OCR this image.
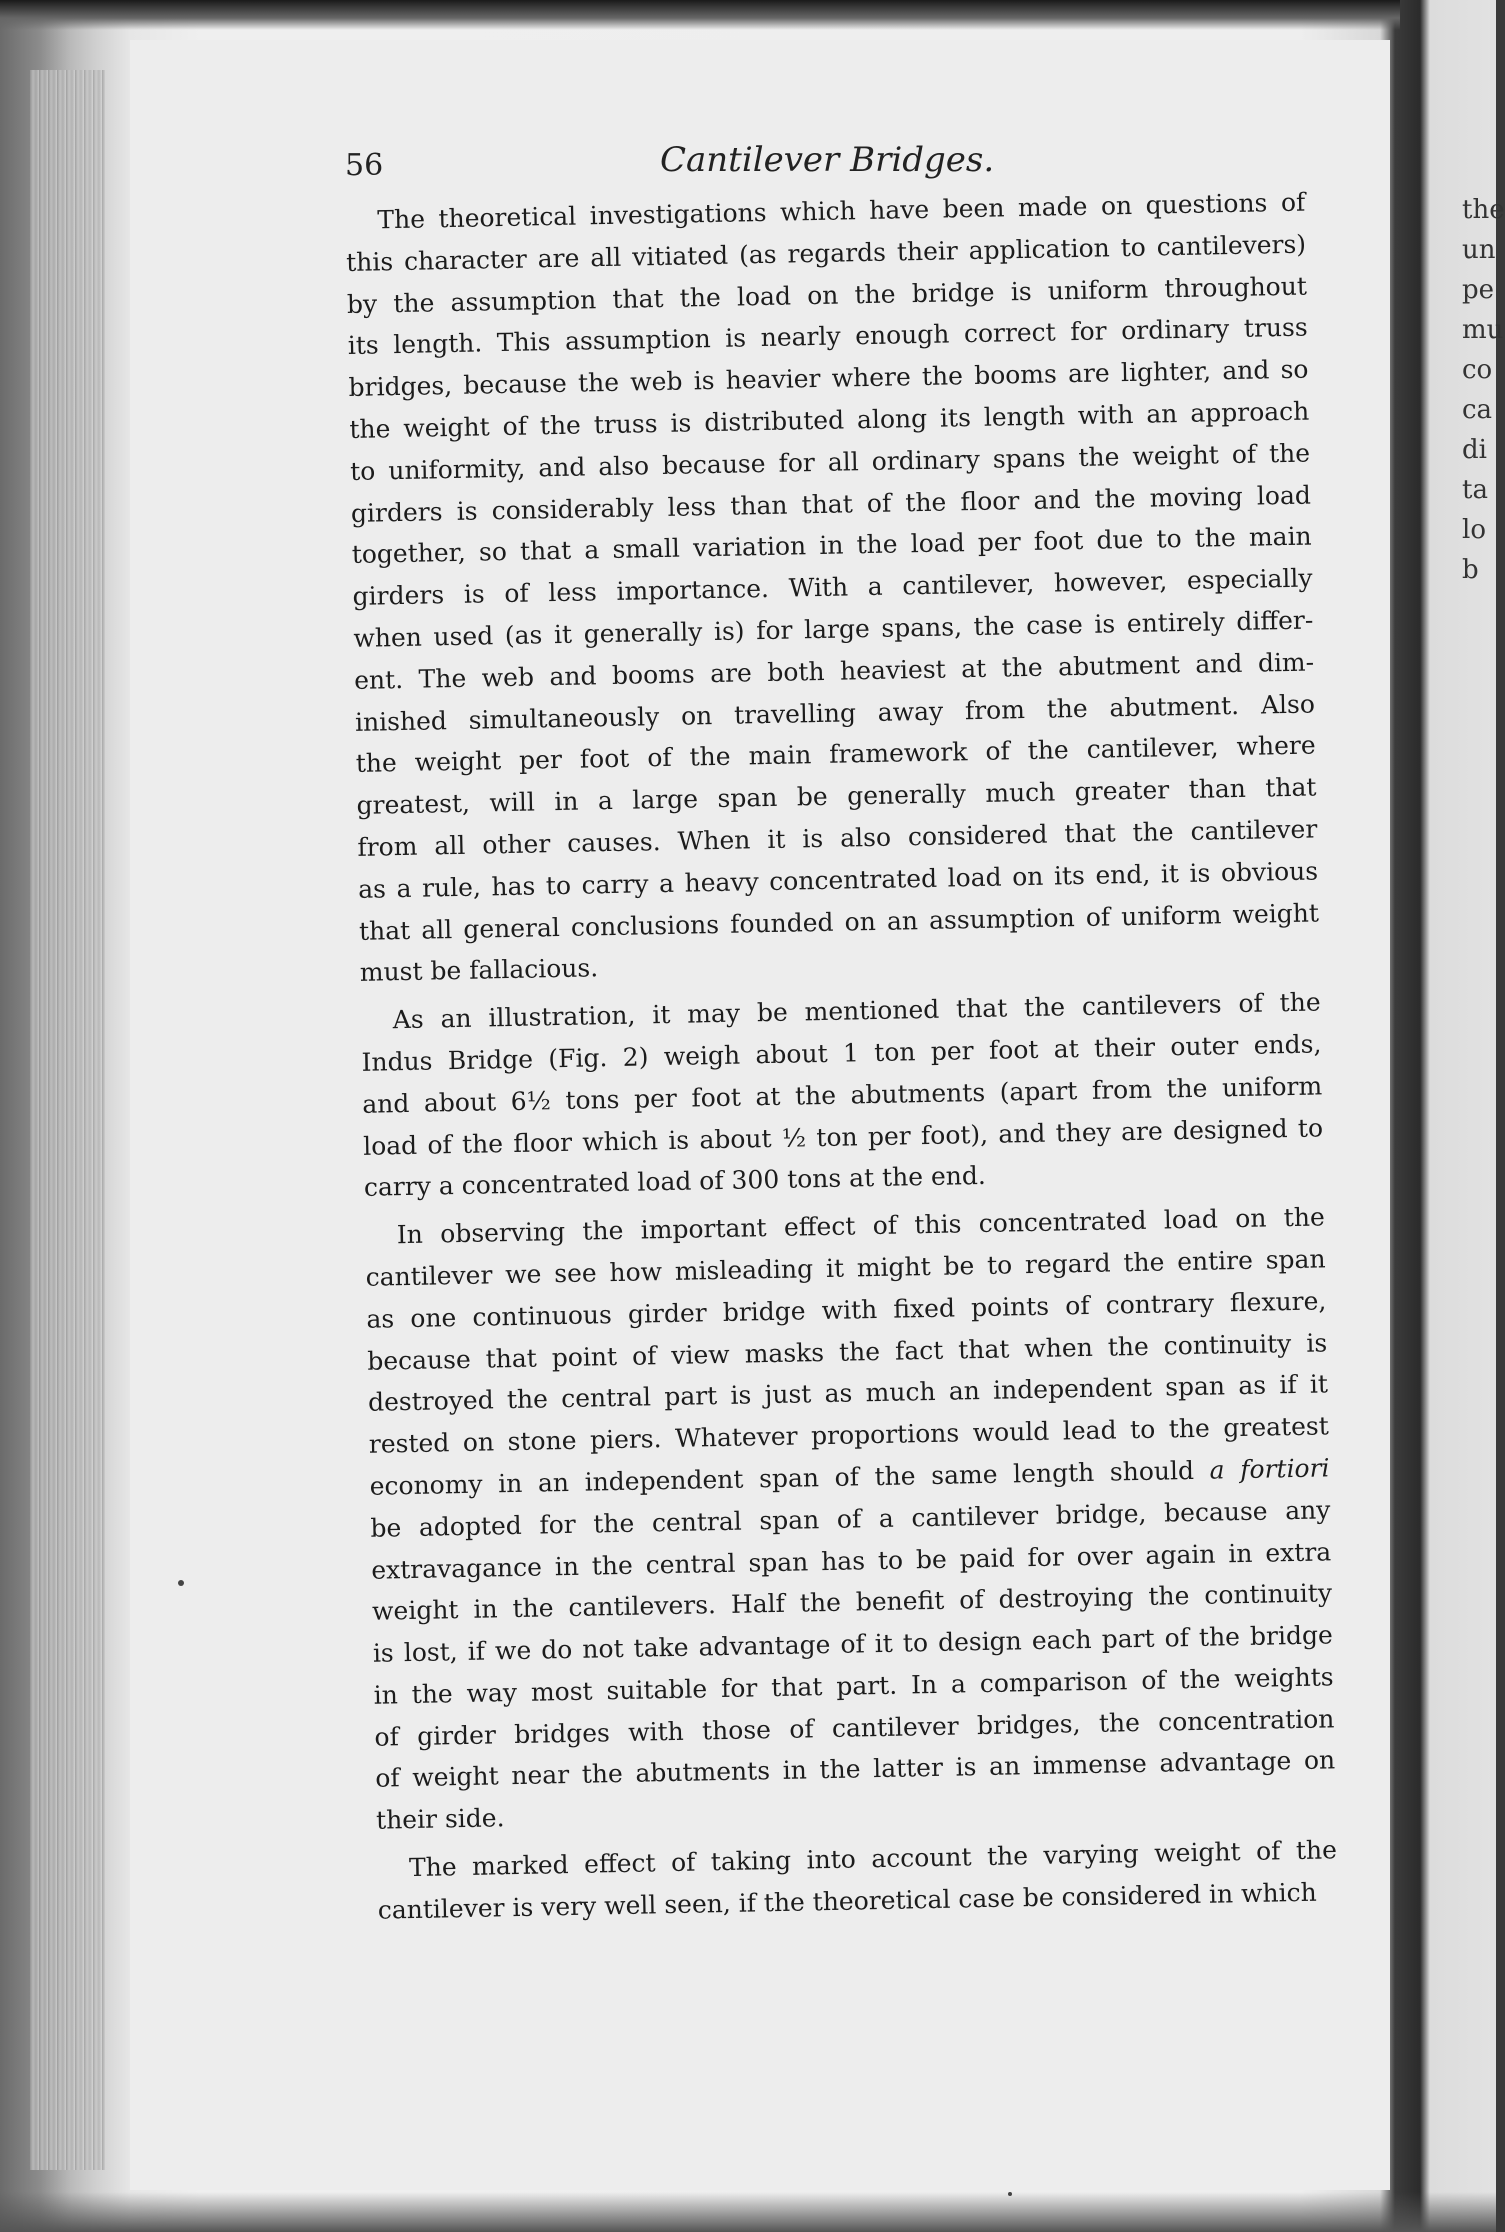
56	Cantilever Bridges.

The theoretical investigations which have been made on questions of
this character are all vitiated (as regards their application to cantilevers)
by the assumption that the load on the bridge is uniform throughout
its length. This assumption is nearly enough correct for ordinary truss
bridges, because the web is heavier where the booms are lighter, and so
the weight of the truss is distributed along its length with an approach
to uniformity, and also because for all ordinary spans the weight of the
girders is considerably less than that of the floor and the moving load
together, so that a small variation in the load per foot due to the main
girders is of less importance. With a cantilever, however, especially
when used (as it generally is) for large spans, the case is entirely differ-
ent. The web and booms are both heaviest at the abutment and dim-
inished simultaneously on travelling away from the abutment. Also
the weight per foot of the main framework of the cantilever, where
greatest, will in a large span be generally much greater than that
from all other causes. When it is also considered that the cantilever
as a rule, has to carry a heavy concentrated load on its end, it is obvious
that all general conclusions founded on an assumption of uniform weight
must be fallacious.

As an illustration, it may be mentioned that the cantilevers of the
Indus Bridge (Fig. 2) weigh about 1 ton per foot at their outer ends,
and about 6½ tons per foot at the abutments (apart from the uniform
load of the floor which is about ½ ton per foot), and they are designed to
carry a concentrated load of 300 tons at the end.

In observing the important effect of this concentrated load on the
cantilever we see how misleading it might be to regard the entire span
as one continuous girder bridge with fixed points of contrary flexure,
because that point of view masks the fact that when the continuity is
destroyed the central part is just as much an independent span as if it
rested on stone piers. Whatever proportions would lead to the greatest
economy in an independent span of the same length should a fortiori
be adopted for the central span of a cantilever bridge, because any
extravagance in the central span has to be paid for over again in extra
weight in the cantilevers. Half the benefit of destroying the continuity
is lost, if we do not take advantage of it to design each part of the bridge
in the way most suitable for that part. In a comparison of the weights
of girder bridges with those of cantilever bridges, the concentration
of weight near the abutments in the latter is an immense advantage on
their side.

The marked effect of taking into account the varying weight of the
cantilever is very well seen, if the theoretical case be considered in which

the
un
pe
mu
co
ca
di
ta
lo
b
